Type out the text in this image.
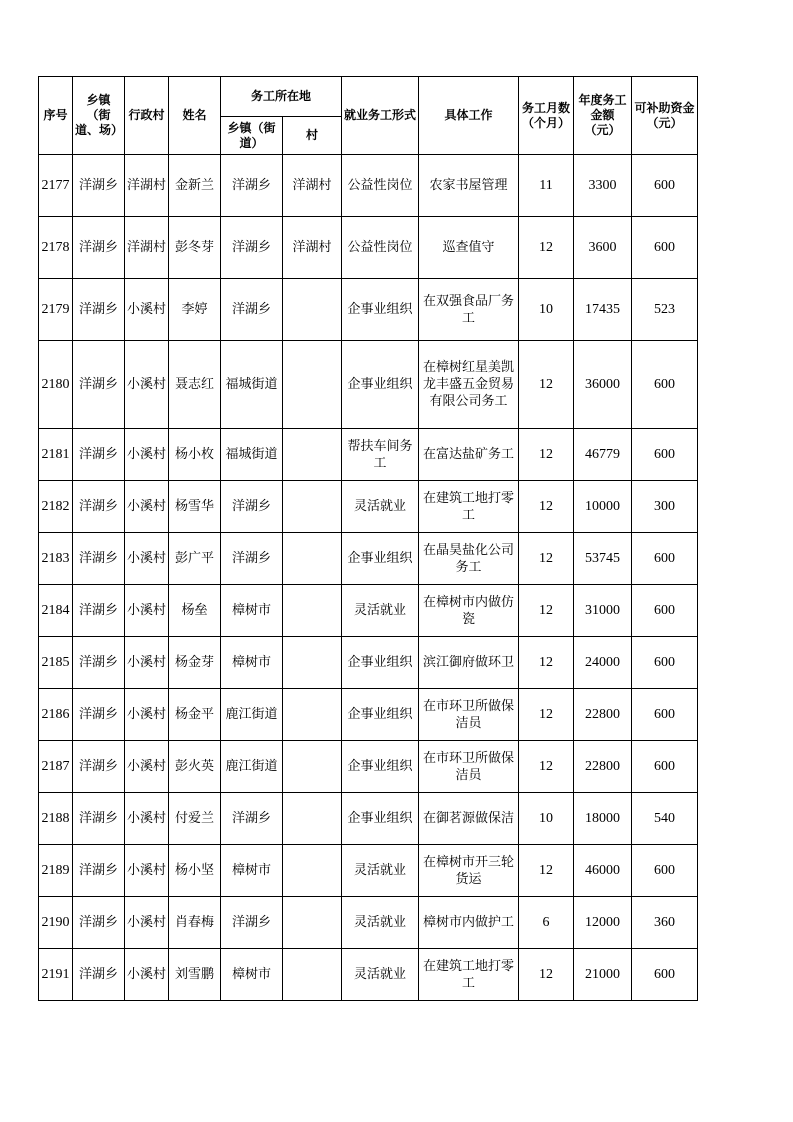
序号	乡镇（街道、场）	行政村	姓名	务工所在地		就业务工形式	具体工作	务工月数（个月）	年度务工金额（元）	可补助资金（元）
				乡镇（街道）	村					
2177	洋湖乡	洋湖村	金新兰	洋湖乡	洋湖村	公益性岗位	农家书屋管理	11	3300	600
2178	洋湖乡	洋湖村	彭冬芽	洋湖乡	洋湖村	公益性岗位	巡查值守	12	3600	600
2179	洋湖乡	小溪村	李婷	洋湖乡		企事业组织	在双强食品厂务工	10	17435	523
2180	洋湖乡	小溪村	聂志红	福城街道		企事业组织	在樟树红星美凯龙丰盛五金贸易有限公司务工	12	36000	600
2181	洋湖乡	小溪村	杨小枚	福城街道		帮扶车间务工	在富达盐矿务工	12	46779	600
2182	洋湖乡	小溪村	杨雪华	洋湖乡		灵活就业	在建筑工地打零工	12	10000	300
2183	洋湖乡	小溪村	彭广平	洋湖乡		企事业组织	在晶昊盐化公司务工	12	53745	600
2184	洋湖乡	小溪村	杨垒	樟树市		灵活就业	在樟树市内做仿瓷	12	31000	600
2185	洋湖乡	小溪村	杨金芽	樟树市		企事业组织	滨江御府做环卫	12	24000	600
2186	洋湖乡	小溪村	杨金平	鹿江街道		企事业组织	在市环卫所做保洁员	12	22800	600
2187	洋湖乡	小溪村	彭火英	鹿江街道		企事业组织	在市环卫所做保洁员	12	22800	600
2188	洋湖乡	小溪村	付爱兰	洋湖乡		企事业组织	在御茗源做保洁	10	18000	540
2189	洋湖乡	小溪村	杨小坚	樟树市		灵活就业	在樟树市开三轮货运	12	46000	600
2190	洋湖乡	小溪村	肖春梅	洋湖乡		灵活就业	樟树市内做护工	6	12000	360
2191	洋湖乡	小溪村	刘雪鹏	樟树市		灵活就业	在建筑工地打零工	12	21000	600
